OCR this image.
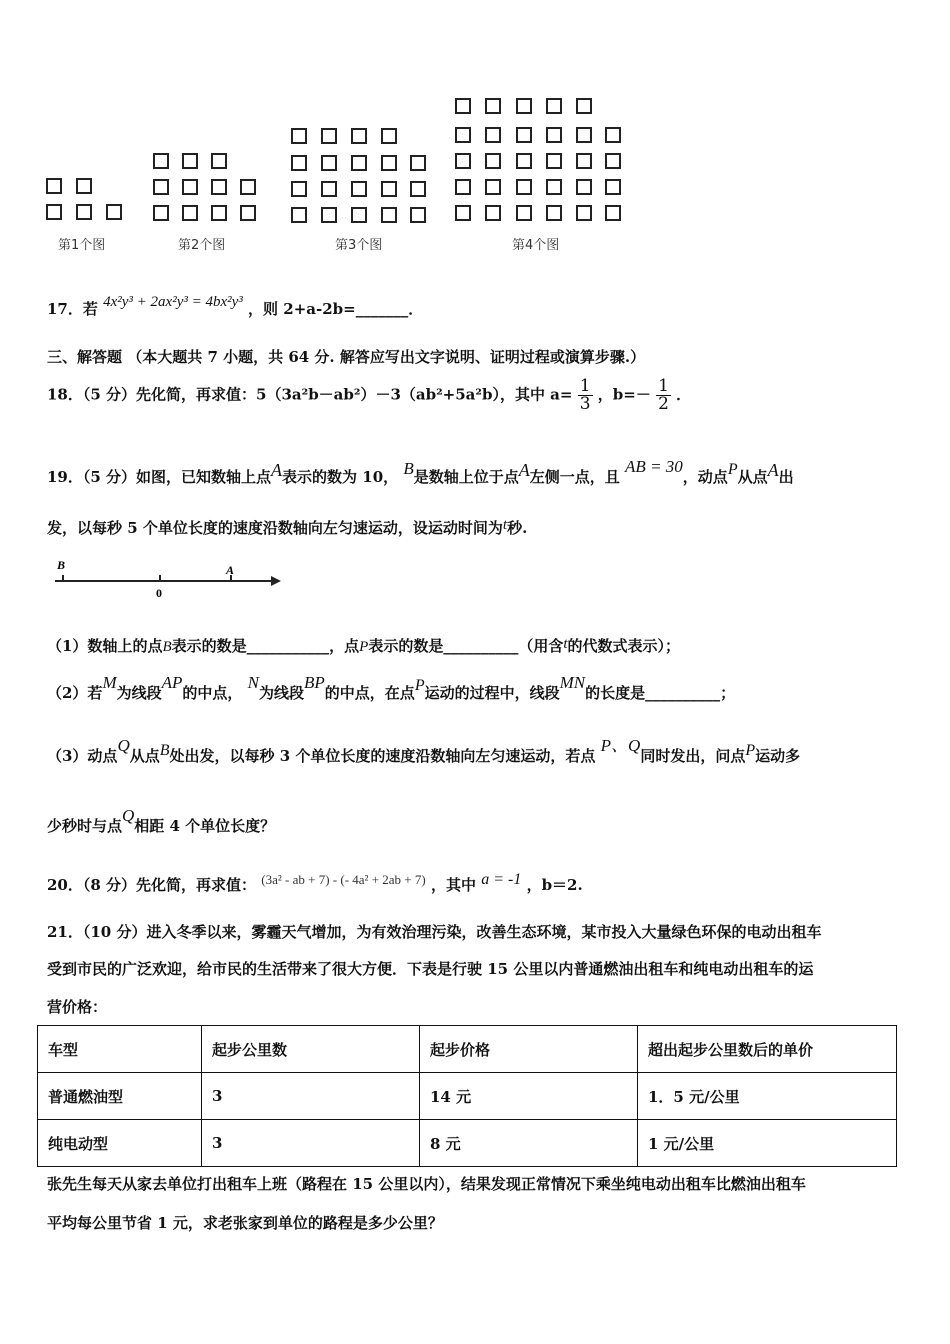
第1个图	第2个图	第3个图	第4个图
17．若 4x²y³ + 2ax²y³ = 4bx²y³ ，则 2+a-2b=_______．
三、解答题 （本大题共 7 小题，共 64 分. 解答应写出文字说明、证明过程或演算步骤.）
18．（5 分）先化简，再求值：5（3a²b－ab²）－3（ab²+5a²b），其中 $a= \frac{1}{3}$ ，$b=- \frac{1}{2}$ ．
19．（5 分）如图，已知数轴上点A表示的数为 10， B是数轴上位于点A左侧一点，且 AB = 30，动点P从点A出
发，以每秒 5 个单位长度的速度沿数轴向左匀速运动，设运动时间为t秒.
B
0
A
（1）数轴上的点B表示的数是___________，点P表示的数是__________（用含t的代数式表示）；
（2）若M为线段AP的中点， N为线段BP的中点，在点P运动的过程中，线段MN的长度是__________；
（3）动点Q从点B处出发，以每秒 3 个单位长度的速度沿数轴向左匀速运动，若点 P、Q同时发出，问点P运动多
少秒时与点Q相距 4 个单位长度？
20．（8 分）先化简，再求值： (3a² - ab + 7) - (- 4a² + 2ab + 7) ，其中 a = -1 ，b＝2.
21．（10 分）进入冬季以来，雾霾天气增加，为有效治理污染，改善生态环境，某市投入大量绿色环保的电动出租车
受到市民的广泛欢迎，给市民的生活带来了很大方便．下表是行驶 15 公里以内普通燃油出租车和纯电动出租车的运
营价格：
车型	起步公里数	起步价格	超出起步公里数后的单价
普通燃油型	3	14 元	1．5 元/公里
纯电动型	3	8 元	1 元/公里
张先生每天从家去单位打出租车上班（路程在 15 公里以内），结果发现正常情况下乘坐纯电动出租车比燃油出租车
平均每公里节省 1 元，求老张家到单位的路程是多少公里？
